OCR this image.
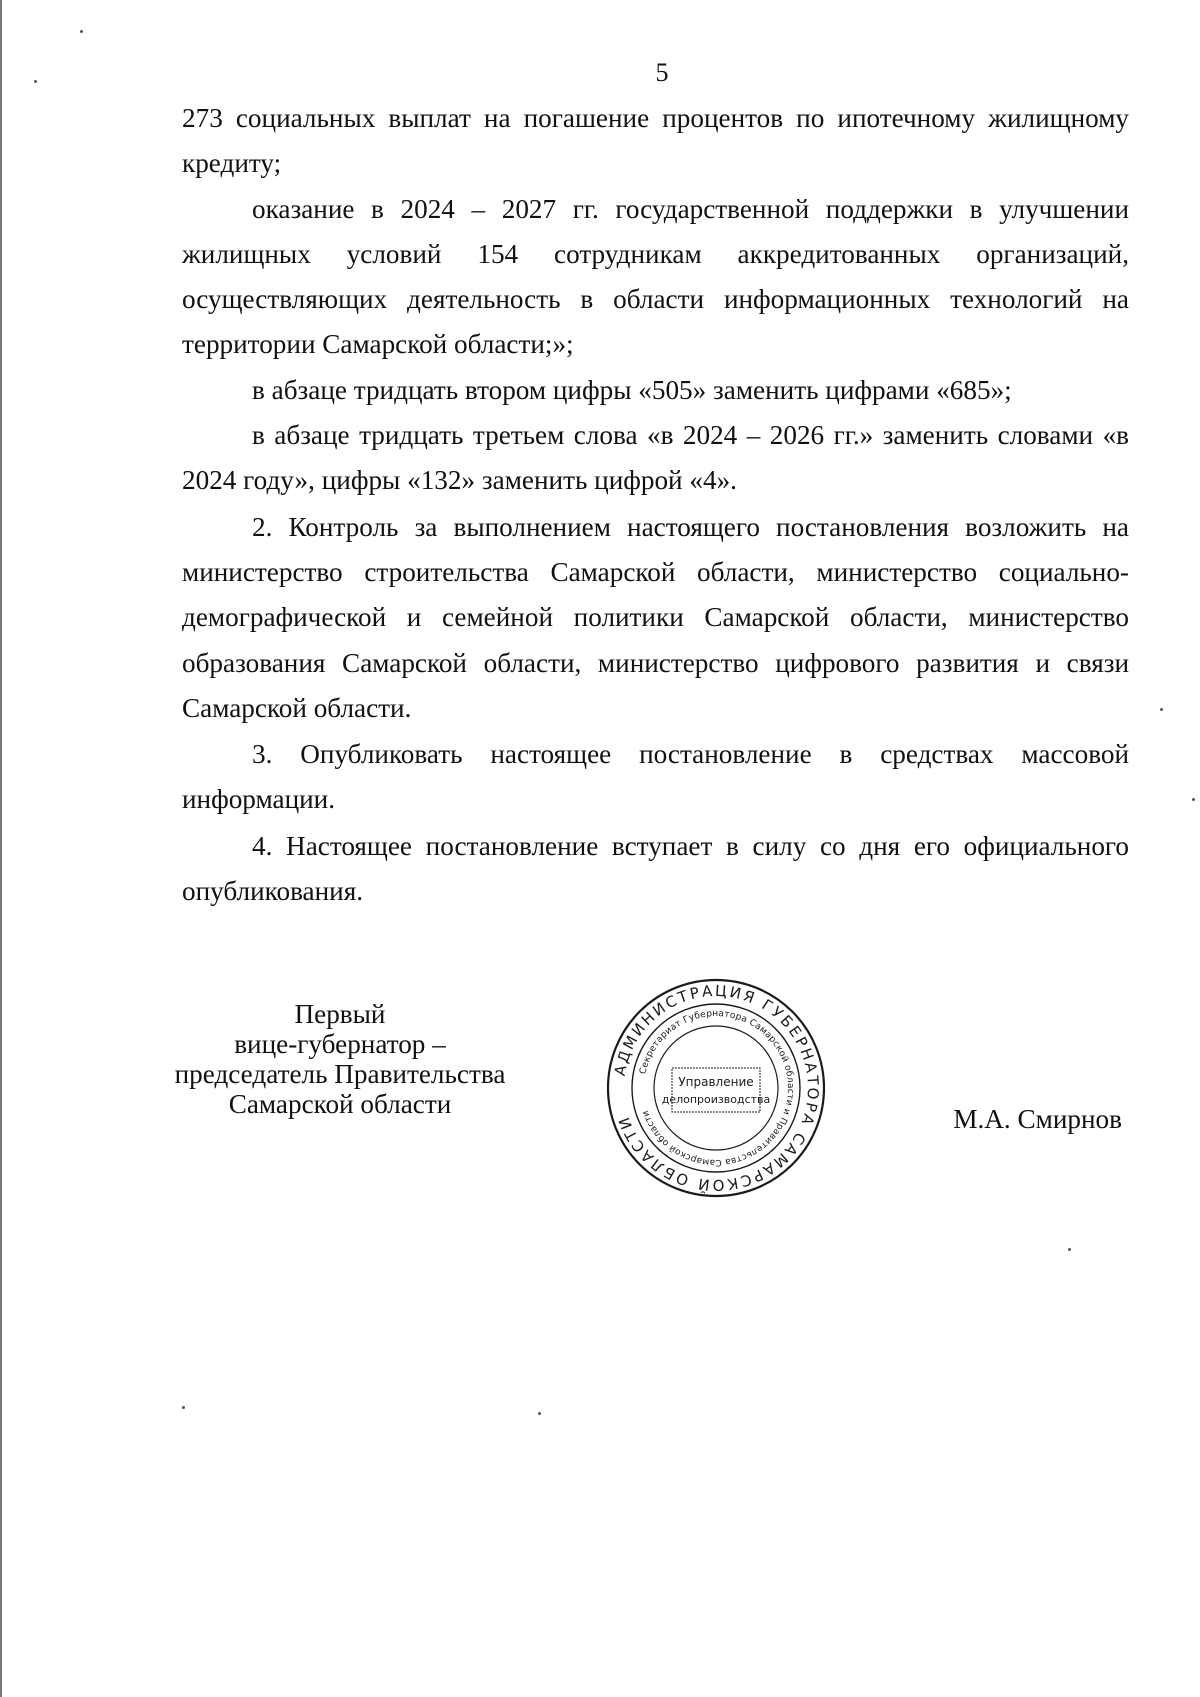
5

273 социальных выплат на погашение процентов по ипотечному жилищному кредиту;

оказание в 2024 – 2027 гг. государственной поддержки в улучшении жилищных условий 154 сотрудникам аккредитованных организаций, осуществляющих деятельность в области информационных технологий на территории Самарской области;»;

в абзаце тридцать втором цифры «505» заменить цифрами «685»;

в абзаце тридцать третьем слова «в 2024 – 2026 гг.» заменить словами «в 2024 году», цифры «132» заменить цифрой «4».

2. Контроль за выполнением настоящего постановления возложить на министерство строительства Самарской области, министерство социально-демографической и семейной политики Самарской области, министерство образования Самарской области, министерство цифрового развития и связи Самарской области.

3. Опубликовать настоящее постановление в средствах массовой информации.

4. Настоящее постановление вступает в силу со дня его официального опубликования.

Первый
вице-губернатор –
председатель Правительства
Самарской области
АДМИНИСТРАЦИЯ ГУБЕРНАТОРА САМАРСКОЙ ОБЛАСТИ
Секретариат Губернатора Самарской области и Правительства Самарской области
Управление
делопроизводства
М.А. Смирнов
